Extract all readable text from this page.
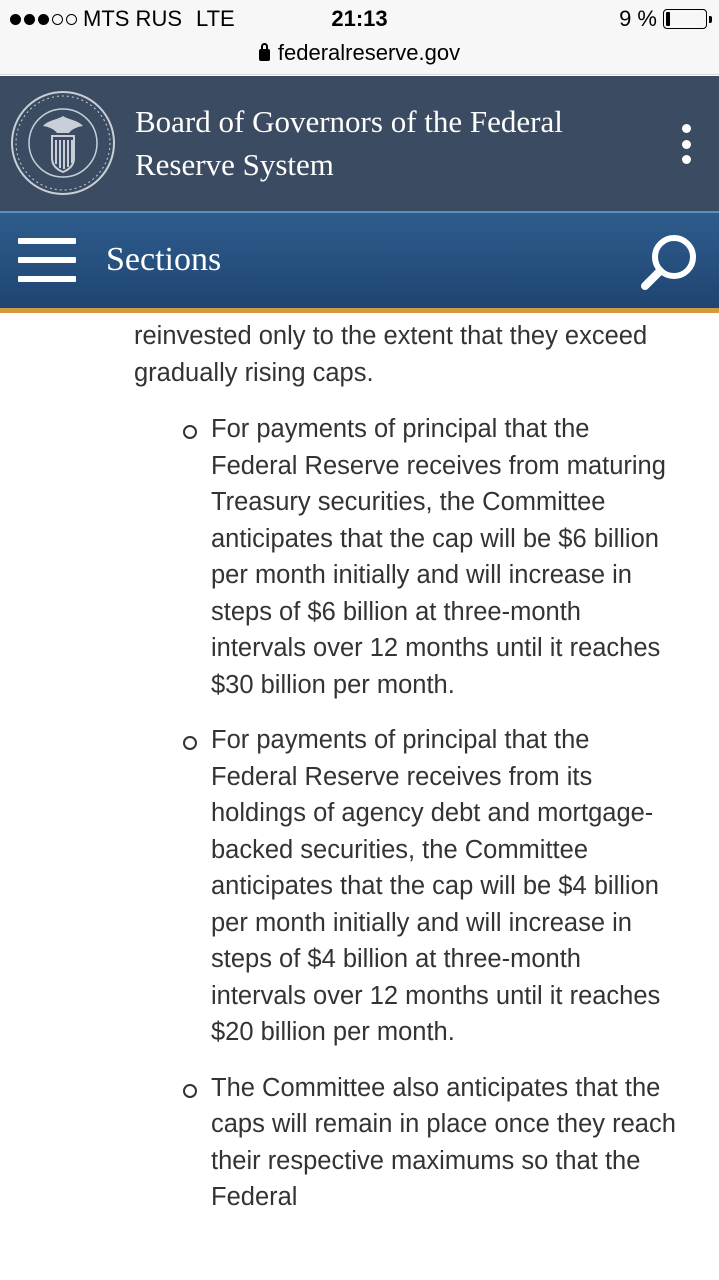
MTS RUS LTE	21:13	9 %
federalreserve.gov
Board of Governors of the Federal Reserve System
Sections

reinvested only to the extent that they exceed gradually rising caps.

For payments of principal that the Federal Reserve receives from maturing Treasury securities, the Committee anticipates that the cap will be $6 billion per month initially and will increase in steps of $6 billion at three-month intervals over 12 months until it reaches $30 billion per month.
For payments of principal that the Federal Reserve receives from its holdings of agency debt and mortgage-backed securities, the Committee anticipates that the cap will be $4 billion per month initially and will increase in steps of $4 billion at three-month intervals over 12 months until it reaches $20 billion per month.
The Committee also anticipates that the caps will remain in place once they reach their respective maximums so that the Federal
